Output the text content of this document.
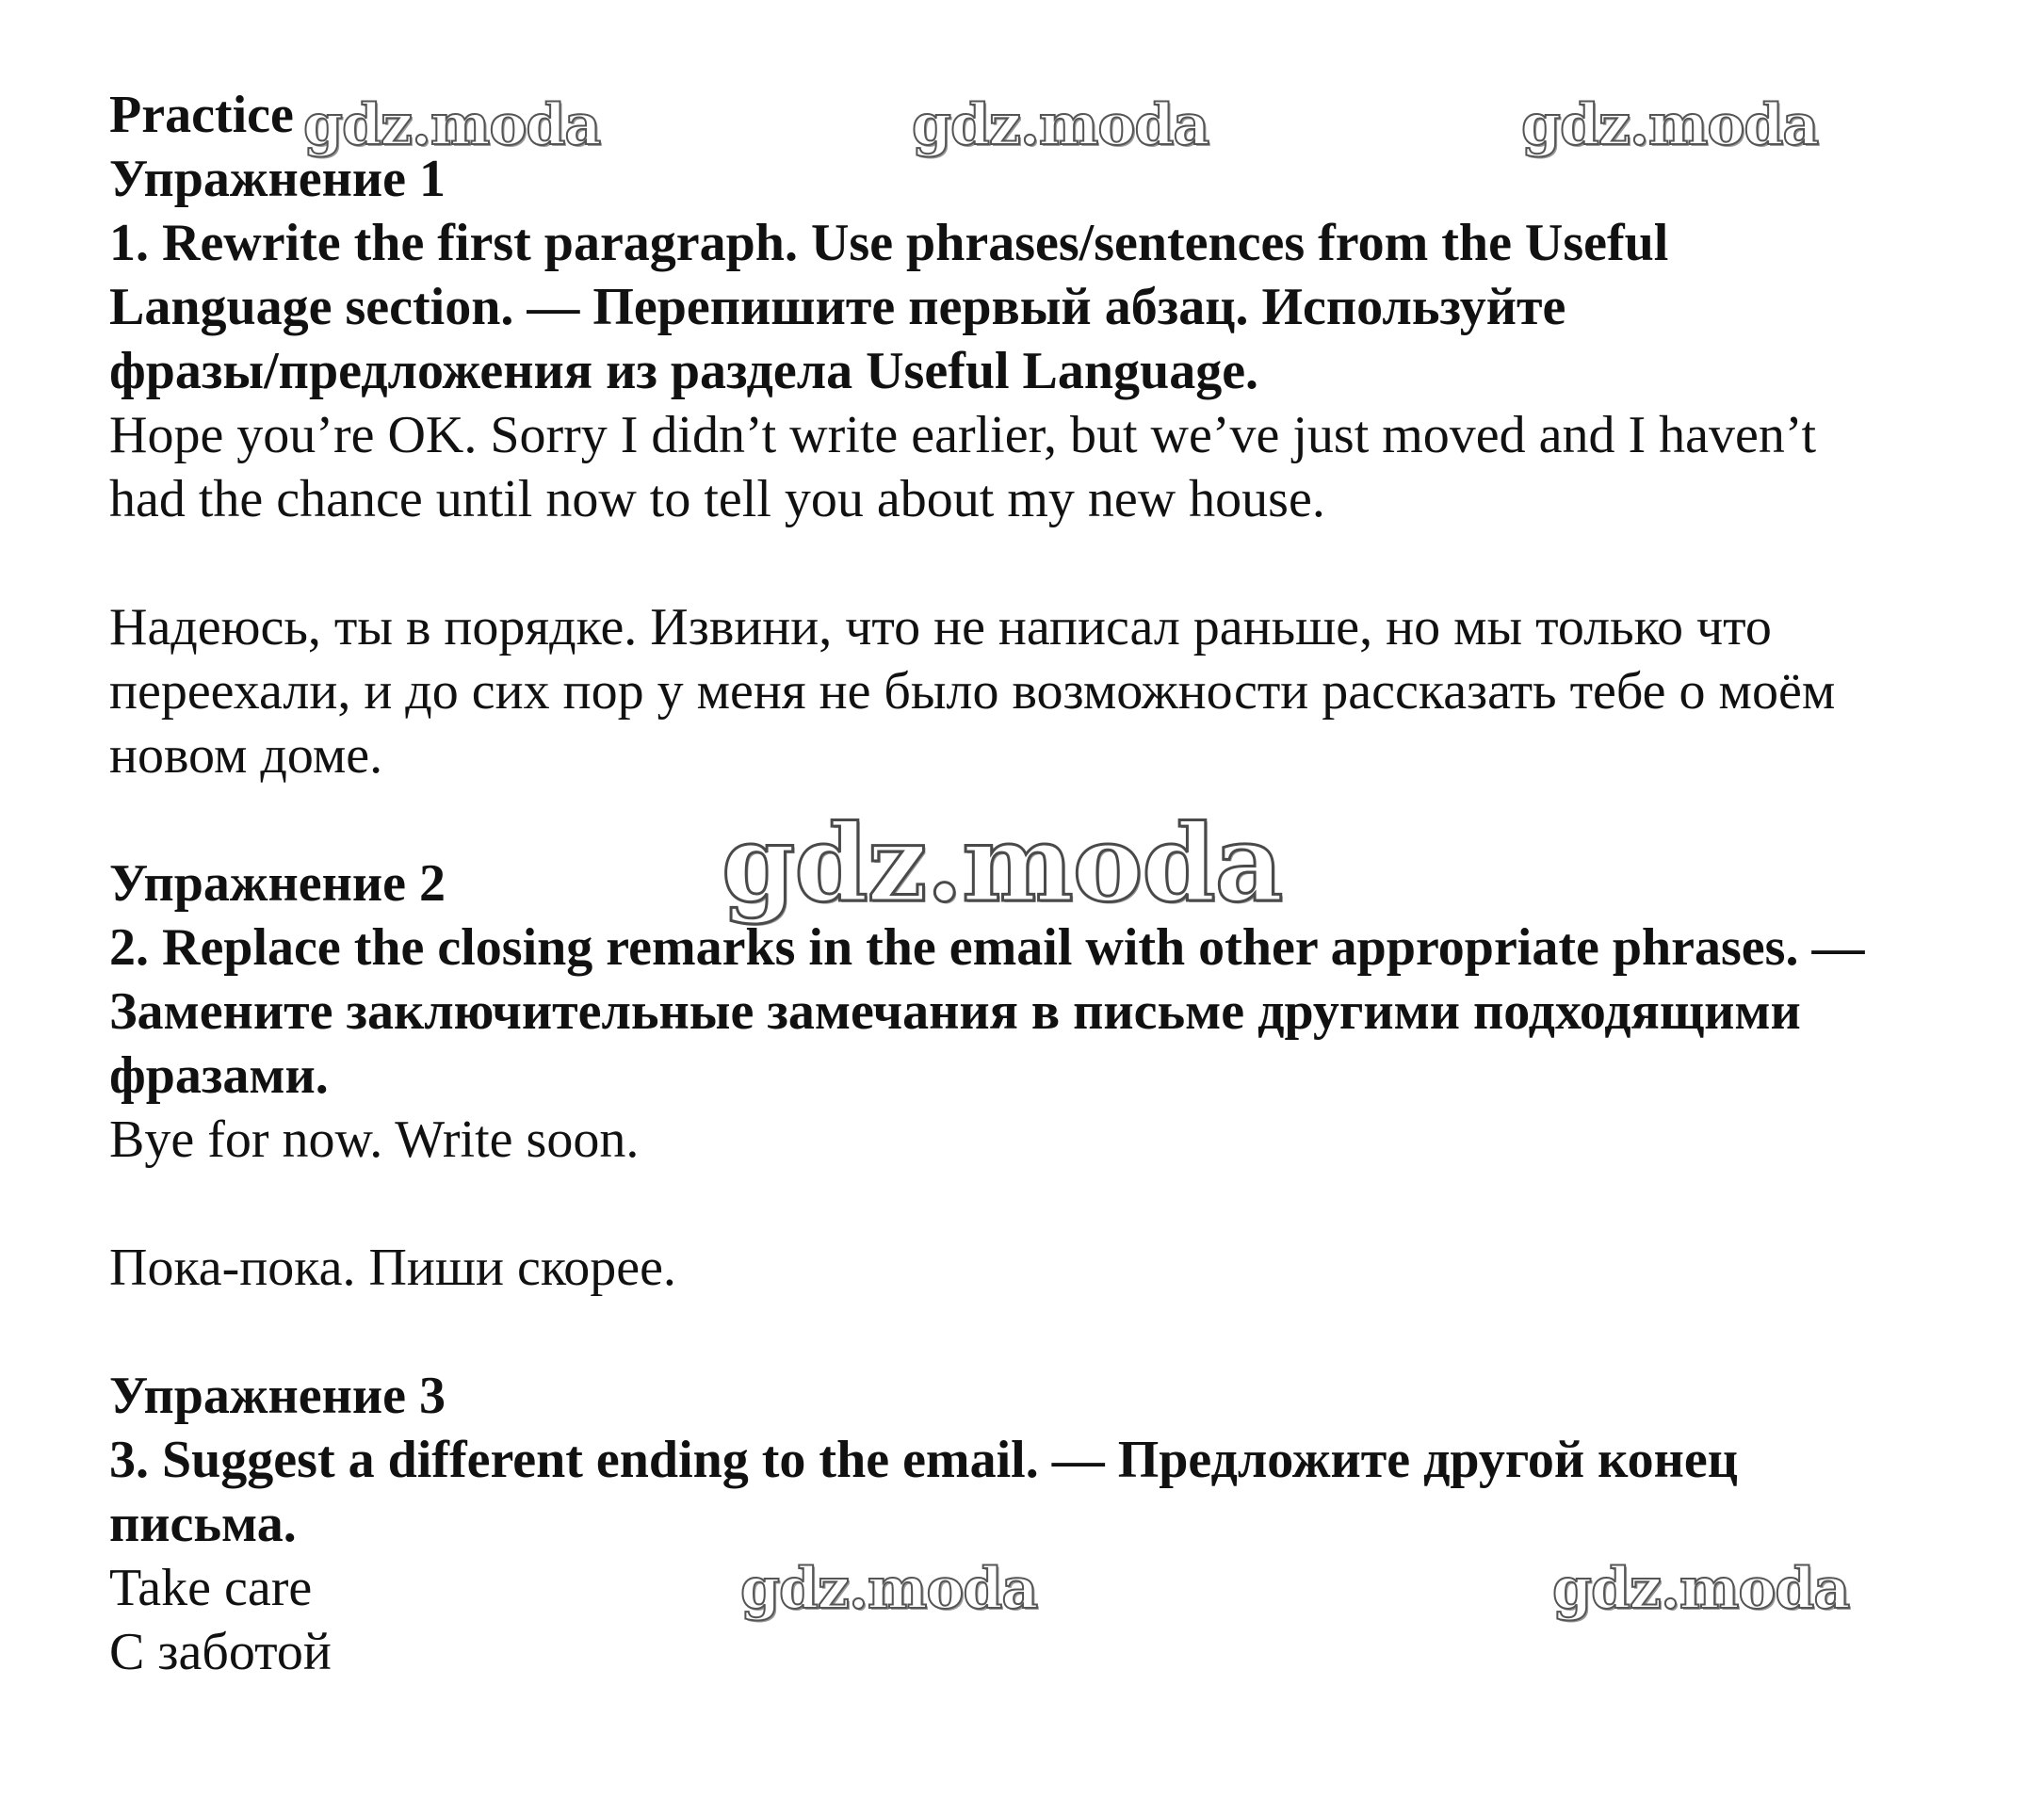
Practice

Упражнение 1

1. Rewrite the first paragraph. Use phrases/sentences from the Useful

Language section. — Перепишите первый абзац. Используйте

фразы/предложения из раздела Useful Language.

Hope you’re OK. Sorry I didn’t write earlier, but we’ve just moved and I haven’t

had the chance until now to tell you about my new house.

Надеюсь, ты в порядке. Извини, что не написал раньше, но мы только что

переехали, и до сих пор у меня не было возможности рассказать тебе о моём

новом доме.

Упражнение 2

2. Replace the closing remarks in the email with other appropriate phrases. —

Замените заключительные замечания в письме другими подходящими

фразами.

Bye for now. Write soon.

Пока-пока. Пиши скорее.

Упражнение 3

3. Suggest a different ending to the email. — Предложите другой конец

письма.

Take care

С заботой

gdz.moda	gdz.moda	gdz.moda
gdz.moda
gdz.moda	gdz.moda
